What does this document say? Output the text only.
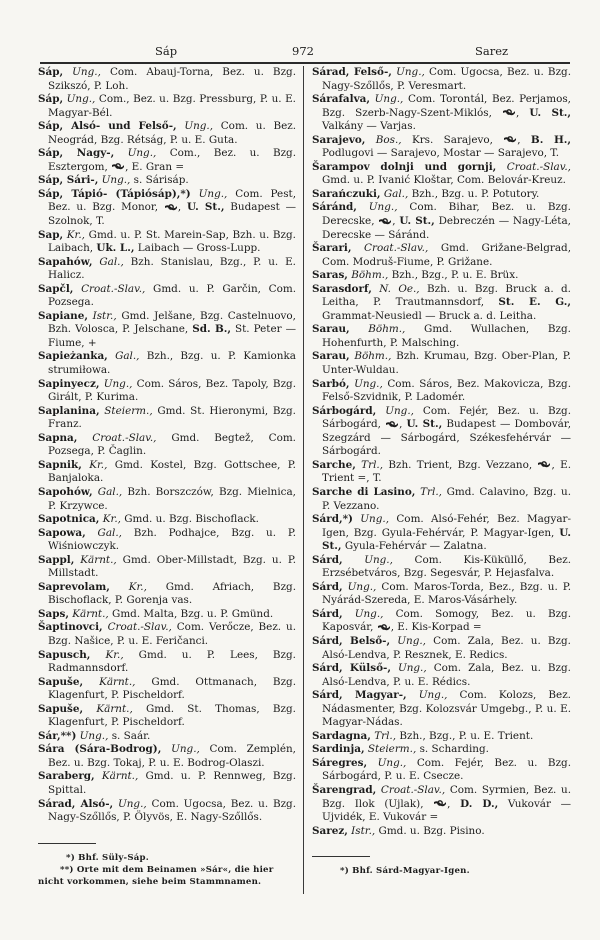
Sáp	972	Sarez

Sáp, Ung., Com. Abauj-Torna, Bez. u. Bzg. Szikszó, P. Loh.

Sáp, Ung., Com., Bez. u. Bzg. Pressburg, P. u. E. Magyar-Bél.

Sáp, Alsó- und Felső-, Ung., Com. u. Bez. Neográd, Bzg. Rétság, P. u. E. Guta.

Sáp, Nagy-, Ung., Com., Bez. u. Bzg. Esztergom, , E. Gran =

Sáp, Sári-, Ung., s. Sárisáp.

Sáp, Tápió- (Tápiósáp),*) Ung., Com. Pest, Bez. u. Bzg. Monor, , U. St., Budapest — Szolnok, T.

Sap, Kr., Gmd. u. P. St. Marein-Sap, Bzh. u. Bzg. Laibach, Uk. L., Laibach — Gross-Lupp.

Sapahów, Gal., Bzh. Stanislau, Bzg., P. u. E. Halicz.

Sapčl, Croat.-Slav., Gmd. u. P. Garčin, Com. Pozsega.

Sapiane, Istr., Gmd. Jelšane, Bzg. Castelnuovo, Bzh. Volosca, P. Jelschane, Sd. B., St. Peter — Fiume, +

Sapieżanka, Gal., Bzh., Bzg. u. P. Kamionka strumiłowa.

Sapinyecz, Ung., Com. Sáros, Bez. Tapoly, Bzg. Girált, P. Kurima.

Saplanina, Steierm., Gmd. St. Hieronymi, Bzg. Franz.

Sapna, Croat.-Slav., Gmd. Begtež, Com. Pozsega, P. Čaglin.

Sapnik, Kr., Gmd. Kostel, Bzg. Gottschee, P. Banjaloka.

Sapohów, Gal., Bzh. Borszczów, Bzg. Mielnica, P. Krzywce.

Sapotnica, Kr., Gmd. u. Bzg. Bischoflack.

Sapowa, Gal., Bzh. Podhajce, Bzg. u. P. Wiśniowczyk.

Sappl, Kärnt., Gmd. Ober-Millstadt, Bzg. u. P. Millstadt.

Saprevolam, Kr., Gmd. Afriach, Bzg. Bischoflack, P. Gorenja vas.

Saps, Kärnt., Gmd. Malta, Bzg. u. P. Gmünd.

Šaptinovci, Croat.-Slav., Com. Verőcze, Bez. u. Bzg. Našice, P. u. E. Feričanci.

Sapusch, Kr., Gmd. u. P. Lees, Bzg. Radmannsdorf.

Sapuše, Kärnt., Gmd. Ottmanach, Bzg. Klagenfurt, P. Pischeldorf.

Sapuše, Kärnt., Gmd. St. Thomas, Bzg. Klagenfurt, P. Pischeldorf.

Sár,**) Ung., s. Saár.

Sára (Sára-Bodrog), Ung., Com. Zemplén, Bez. u. Bzg. Tokaj, P. u. E. Bodrog-Olaszi.

Saraberg, Kärnt., Gmd. u. P. Rennweg, Bzg. Spittal.

Sárad, Alsó-, Ung., Com. Ugocsa, Bez. u. Bzg. Nagy-Szőllős, P. Ölyvös, E. Nagy-Szőllős.

*) Bhf. Süly-Sáp.
**) Orte mit dem Beinamen »Sár«, die hier nicht vorkommen, siehe beim Stammnamen.

Sárad, Felső-, Ung., Com. Ugocsa, Bez. u. Bzg. Nagy-Szőllős, P. Veresmart.

Sárafalva, Ung., Com. Torontál, Bez. Perjamos, Bzg. Szerb-Nagy-Szent-Miklós, , U. St., Valkány — Varjas.

Sarajevo, Bos., Krs. Sarajevo, , B. H., Podlugovi — Sarajevo, Mostar — Sarajevo, T.

Šarampov dolnji und gornji, Croat.-Slav., Gmd. u. P. Ivanić Kloštar, Com. Belovár-Kreuz.

Sarańczuki, Gal., Bzh., Bzg. u. P. Potutory.

Sáránd, Ung., Com. Bihar, Bez. u. Bzg. Derecske, , U. St., Debreczén — Nagy-Léta, Derecske — Sáránd.

Šarari, Croat.-Slav., Gmd. Grižane-Belgrad, Com. Modruš-Fiume, P. Grižane.

Saras, Böhm., Bzh., Bzg., P. u. E. Brüx.

Sarasdorf, N. Oe., Bzh. u. Bzg. Bruck a. d. Leitha, P. Trautmannsdorf, St. E. G., Grammat-Neusiedl — Bruck a. d. Leitha.

Sarau, Böhm., Gmd. Wullachen, Bzg. Hohenfurth, P. Malsching.

Sarau, Böhm., Bzh. Krumau, Bzg. Ober-Plan, P. Unter-Wuldau.

Sarbó, Ung., Com. Sáros, Bez. Makovicza, Bzg. Felső-Szvidnik, P. Ladomér.

Sárbogárd, Ung., Com. Fejér, Bez. u. Bzg. Sárbogárd, , U. St., Budapest — Dombovár, Szegzárd — Sárbogárd, Székesfehérvár — Sárbogárd.

Sarche, Trl., Bzh. Trient, Bzg. Vezzano, , E. Trient =, T.

Sarche di Lasino, Trl., Gmd. Calavino, Bzg. u. P. Vezzano.

Sárd,*) Ung., Com. Alsó-Fehér, Bez. Magyar-Igen, Bzg. Gyula-Fehérvár, P. Magyar-Igen, U. St., Gyula-Fehérvár — Zalatna.

Sárd, Ung., Com. Kis-Küküllő, Bez. Erzsébetváros, Bzg. Segesvár, P. Hejasfalva.

Sárd, Ung., Com. Maros-Torda, Bez., Bzg. u. P. Nyárád-Szereda, E. Maros-Vásárhely.

Sárd, Ung., Com. Somogy, Bez. u. Bzg. Kaposvár, , E. Kis-Korpad =

Sárd, Belső-, Ung., Com. Zala, Bez. u. Bzg. Alsó-Lendva, P. Resznek, E. Redics.

Sárd, Külső-, Ung., Com. Zala, Bez. u. Bzg. Alsó-Lendva, P. u. E. Rédics.

Sárd, Magyar-, Ung., Com. Kolozs, Bez. Nádasmenter, Bzg. Kolozsvár Umgebg., P. u. E. Magyar-Nádas.

Sardagna, Trl., Bzh., Bzg., P. u. E. Trient.

Sardinja, Steierm., s. Scharding.

Sáregres, Ung., Com. Fejér, Bez. u. Bzg. Sárbogárd, P. u. E. Csecze.

Šarengrad, Croat.-Slav., Com. Syrmien, Bez. u. Bzg. Ilok (Ujlak), , D. D., Vukovár — Ujvidék, E. Vukovár =

Sarez, Istr., Gmd. u. Bzg. Pisino.

*) Bhf. Sárd-Magyar-Igen.
